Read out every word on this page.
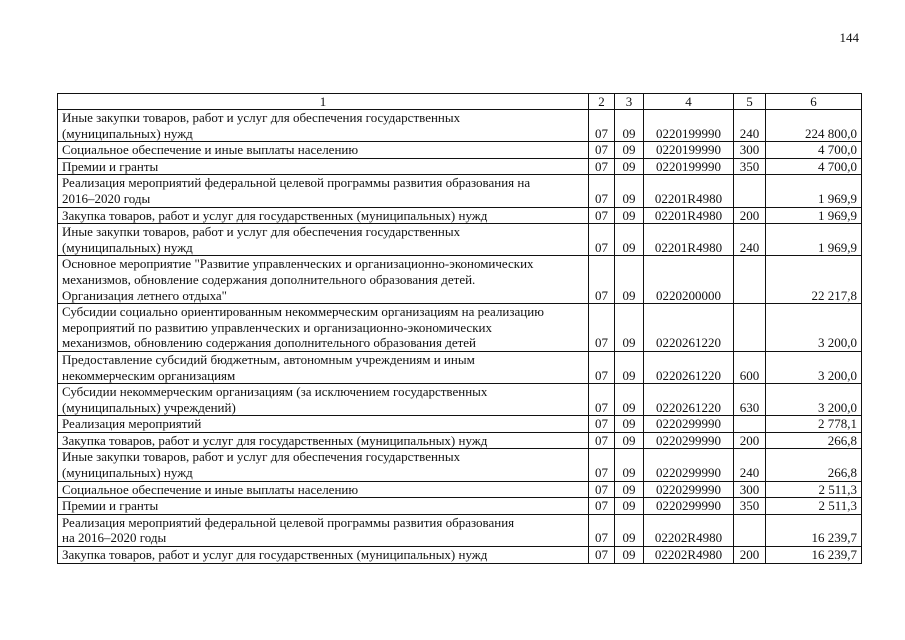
144
1	2	3	4	5	6
Иные закупки товаров, работ и услуг для обеспечения государственных
(муниципальных) нужд	07	09	0220199990	240	224 800,0
Социальное обеспечение и иные выплаты населению	07	09	0220199990	300	4 700,0
Премии и гранты	07	09	0220199990	350	4 700,0
Реализация мероприятий федеральной целевой программы развития образования на
2016–2020 годы	07	09	02201R4980		1 969,9
Закупка товаров, работ и услуг для государственных (муниципальных) нужд	07	09	02201R4980	200	1 969,9
Иные закупки товаров, работ и услуг для обеспечения государственных
(муниципальных) нужд	07	09	02201R4980	240	1 969,9
Основное мероприятие "Развитие управленческих и организационно-экономических
механизмов, обновление содержания дополнительного образования детей.
Организация летнего отдыха"	07	09	0220200000		22 217,8
Субсидии социально ориентированным некоммерческим организациям на реализацию
мероприятий по развитию управленческих и организационно-экономических
механизмов, обновлению содержания дополнительного образования детей	07	09	0220261220		3 200,0
Предоставление субсидий бюджетным, автономным учреждениям и иным
некоммерческим организациям	07	09	0220261220	600	3 200,0
Субсидии некоммерческим организациям (за исключением государственных
(муниципальных) учреждений)	07	09	0220261220	630	3 200,0
Реализация мероприятий	07	09	0220299990		2 778,1
Закупка товаров, работ и услуг для государственных (муниципальных) нужд	07	09	0220299990	200	266,8
Иные закупки товаров, работ и услуг для обеспечения государственных
(муниципальных) нужд	07	09	0220299990	240	266,8
Социальное обеспечение и иные выплаты населению	07	09	0220299990	300	2 511,3
Премии и гранты	07	09	0220299990	350	2 511,3
Реализация мероприятий федеральной целевой программы развития образования
на 2016–2020 годы	07	09	02202R4980		16 239,7
Закупка товаров, работ и услуг для государственных (муниципальных) нужд	07	09	02202R4980	200	16 239,7
